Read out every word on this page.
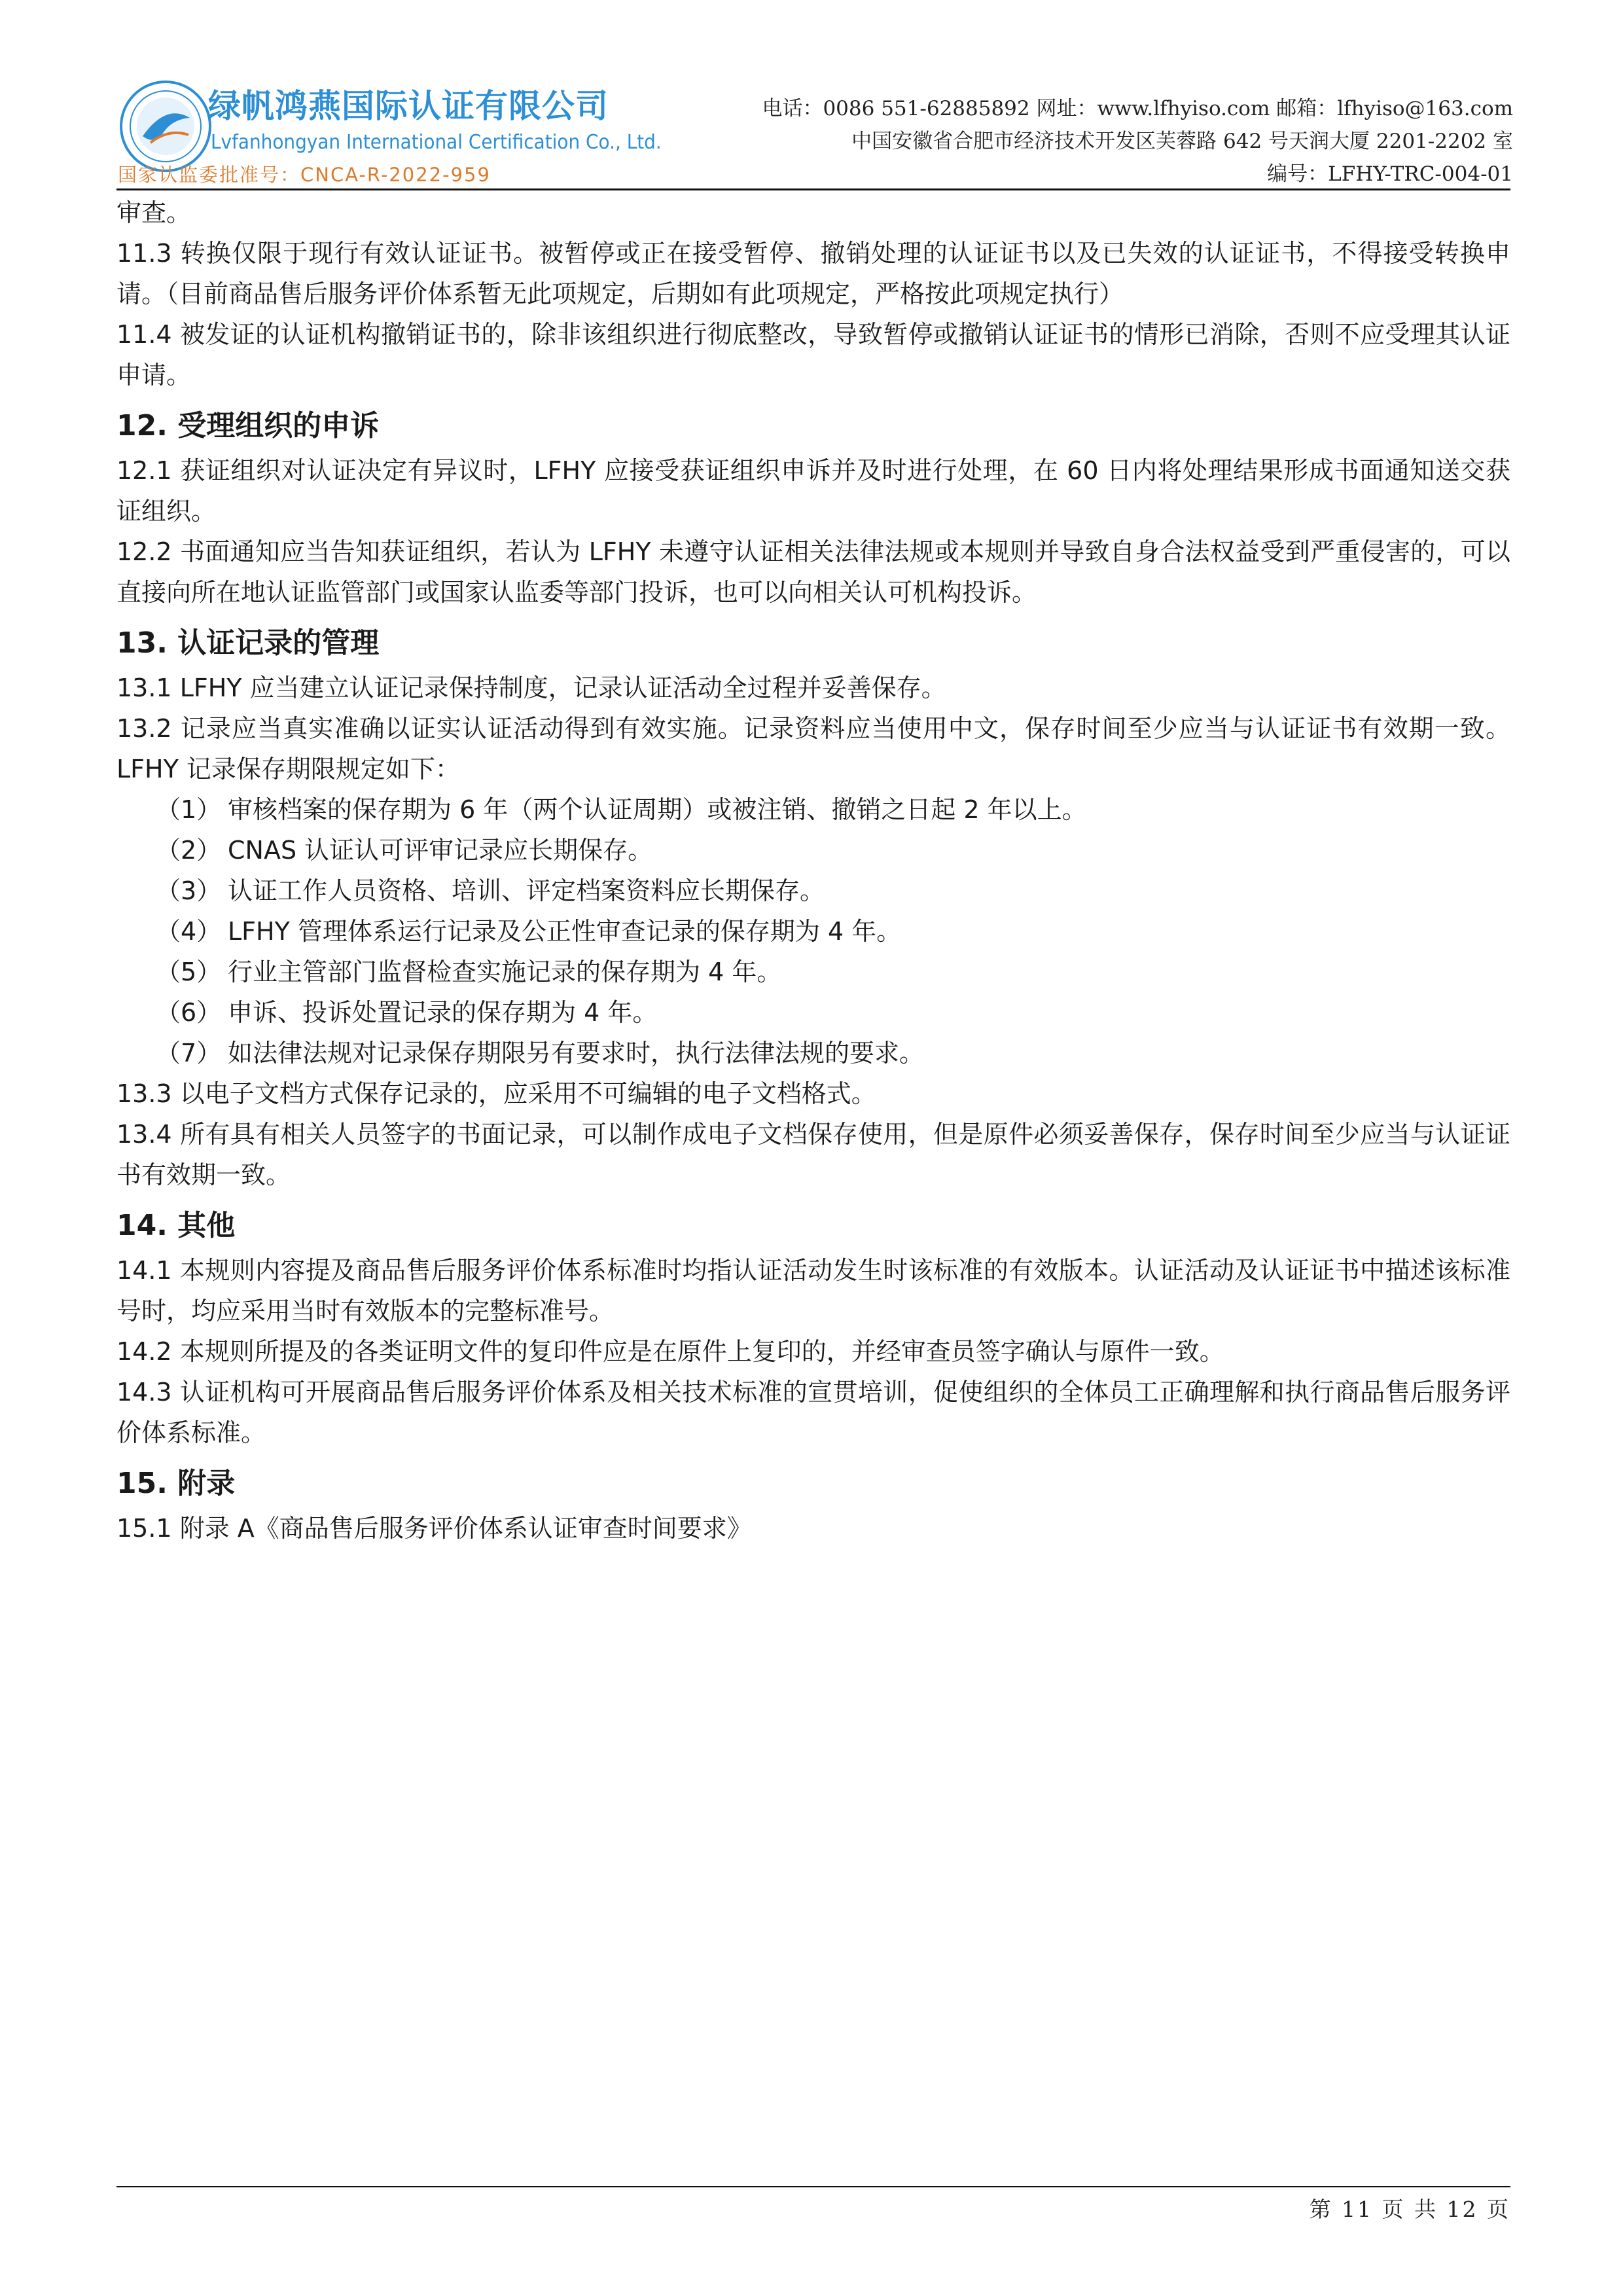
绿帆鸿燕国际认证有限公司
Lvfanhongyan International Certification Co., Ltd.
国家认监委批准号：CNCA-R-2022-959
电话：0086 551-62885892 网址：www.lfhyiso.com 邮箱：lfhyiso@163.com
中国安徽省合肥市经济技术开发区芙蓉路 642 号天润大厦 2201-2202 室
编号：LFHY-TRC-004-01

审查。

11.3 转换仅限于现行有效认证证书。被暂停或正在接受暂停、撤销处理的认证证书以及已失效的认证证书，不得接受转换申请。（目前商品售后服务评价体系暂无此项规定，后期如有此项规定，严格按此项规定执行）

11.4 被发证的认证机构撤销证书的，除非该组织进行彻底整改，导致暂停或撤销认证证书的情形已消除，否则不应受理其认证申请。

12. 受理组织的申诉

12.1 获证组织对认证决定有异议时，LFHY 应接受获证组织申诉并及时进行处理，在 60 日内将处理结果形成书面通知送交获证组织。

12.2 书面通知应当告知获证组织，若认为 LFHY 未遵守认证相关法律法规或本规则并导致自身合法权益受到严重侵害的，可以直接向所在地认证监管部门或国家认监委等部门投诉，也可以向相关认可机构投诉。

13. 认证记录的管理

13.1 LFHY 应当建立认证记录保持制度，记录认证活动全过程并妥善保存。

13.2 记录应当真实准确以证实认证活动得到有效实施。记录资料应当使用中文，保存时间至少应当与认证证书有效期一致。LFHY 记录保存期限规定如下：

（1） 审核档案的保存期为 6 年（两个认证周期）或被注销、撤销之日起 2 年以上。

（2） CNAS 认证认可评审记录应长期保存。

（3） 认证工作人员资格、培训、评定档案资料应长期保存。

（4） LFHY 管理体系运行记录及公正性审查记录的保存期为 4 年。

（5） 行业主管部门监督检查实施记录的保存期为 4 年。

（6） 申诉、投诉处置记录的保存期为 4 年。

（7） 如法律法规对记录保存期限另有要求时，执行法律法规的要求。

13.3 以电子文档方式保存记录的，应采用不可编辑的电子文档格式。

13.4 所有具有相关人员签字的书面记录，可以制作成电子文档保存使用，但是原件必须妥善保存，保存时间至少应当与认证证书有效期一致。

14. 其他

14.1 本规则内容提及商品售后服务评价体系标准时均指认证活动发生时该标准的有效版本。认证活动及认证证书中描述该标准号时，均应采用当时有效版本的完整标准号。

14.2 本规则所提及的各类证明文件的复印件应是在原件上复印的，并经审查员签字确认与原件一致。

14.3 认证机构可开展商品售后服务评价体系及相关技术标准的宣贯培训，促使组织的全体员工正确理解和执行商品售后服务评价体系标准。

15. 附录

15.1 附录 A《商品售后服务评价体系认证审查时间要求》

第 11 页 共 12 页
